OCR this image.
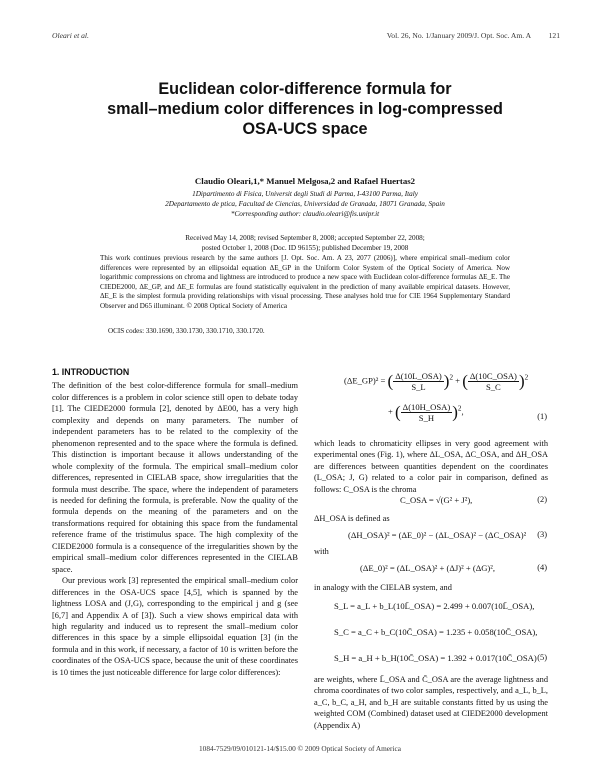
Oleari et al.	Vol. 26, No. 1/January 2009/J. Opt. Soc. Am. A 121
Euclidean color-difference formula for
small–medium color differences in log-compressed
OSA-UCS space
Claudio Oleari,1,* Manuel Melgosa,2 and Rafael Huertas2
1Dipartimento di Fisica, Universit degli Studi di Parma, I-43100 Parma, Italy
2Departamento de ptica, Facultad de Ciencias, Universidad de Granada, 18071 Granada, Spain
*Corresponding author: claudio.oleari@fis.unipr.it
Received May 14, 2008; revised September 8, 2008; accepted September 22, 2008;
posted October 1, 2008 (Doc. ID 96155); published December 19, 2008
This work continues previous research by the same authors [J. Opt. Soc. Am. A 23, 2077 (2006)], where empirical small–medium color differences were represented by an ellipsoidal equation ΔE_GP in the Uniform Color System of the Optical Society of America. Now logarithmic compressions on chroma and lightness are introduced to produce a new space with Euclidean color-difference formulas ΔE_E. The CIEDE2000, ΔE_GP, and ΔE_E formulas are found statistically equivalent in the prediction of many available empirical datasets. However, ΔE_E is the simplest formula providing relationships with visual processing. These analyses hold true for CIE 1964 Supplementary Standard Observer and D65 illuminant. © 2008 Optical Society of America
OCIS codes: 330.1690, 330.1730, 330.1710, 330.1720.
1. INTRODUCTION

The definition of the best color-difference formula for small–medium color differences is a problem in color science still open to debate today [1]. The CIEDE2000 formula [2], denoted by ΔE00, has a very high complexity and depends on many parameters. The number of independent parameters has to be related to the complexity of the phenomenon represented and to the space where the formula is defined. This distinction is important because it allows understanding of the whole complexity of the formula. The empirical small–medium color differences, represented in CIELAB space, show irregularities that the formula must describe. The space, where the independent of parameters is needed for defining the formula, is preferable. Now the quality of the formula depends on the meaning of the parameters and on the transformations required for obtaining this space from the fundamental reference frame of the tristimulus space. The high complexity of the CIEDE2000 formula is a consequence of the irregularities shown by the empirical small–medium color differences represented in the CIELAB space.

Our previous work [3] represented the empirical small–medium color differences in the OSA-UCS space [4,5], which is spanned by the lightness LOSA and (J,G), corresponding to the empirical j and g (see [6,7] and Appendix A of [3]). Such a view shows empirical data with high regularity and induced us to represent the small–medium color differences in this space by a simple ellipsoidal equation [3] (in the formula and in this work, if necessary, a factor of 10 is written before the coordinates of the OSA-UCS space, because the unit of these coordinates is 10 times the just noticeable difference for large color differences):

(ΔE_GP)² = ( $\frac{\text{Δ(10L\_OSA)}}{S\_L} )^2$ + ( $\frac{\text{Δ(10C\_OSA)}}{S\_C} )^2$
+ ( $\frac{\text{Δ(10H\_OSA)}}{S\_H} )^2$,
(1)
which leads to chromaticity ellipses in very good agreement with experimental ones (Fig. 1), where ΔL_OSA, ΔC_OSA, and ΔH_OSA are differences between quantities dependent on the coordinates (L_OSA; J, G) related to a color pair in comparison, defined as follows: C_OSA is the chroma
C_OSA = √(G² + J²),	(2)
ΔH_OSA is defined as
(ΔH_OSA)² = (ΔE_0)² − (ΔL_OSA)² − (ΔC_OSA)² (3)
with
(ΔE_0)² = (ΔL_OSA)² + (ΔJ)² + (ΔG)²,	(4)
in analogy with the CIELAB system, and
S_L = a_L + b_L(10L̄_OSA) = 2.499 + 0.007(10L̄_OSA),
S_C = a_C + b_C(10C̄_OSA) = 1.235 + 0.058(10C̄_OSA),
S_H = a_H + b_H(10C̄_OSA) = 1.392 + 0.017(10C̄_OSA) (5)
are weights, where L̄_OSA and C̄_OSA are the average lightness and chroma coordinates of two color samples, respectively, and a_L, b_L, a_C, b_C, a_H, and b_H are suitable constants fitted by us using the weighted COM (Combined) dataset used at CIEDE2000 development (Appendix A)
1084-7529/09/010121-14/$15.00 © 2009 Optical Society of America
